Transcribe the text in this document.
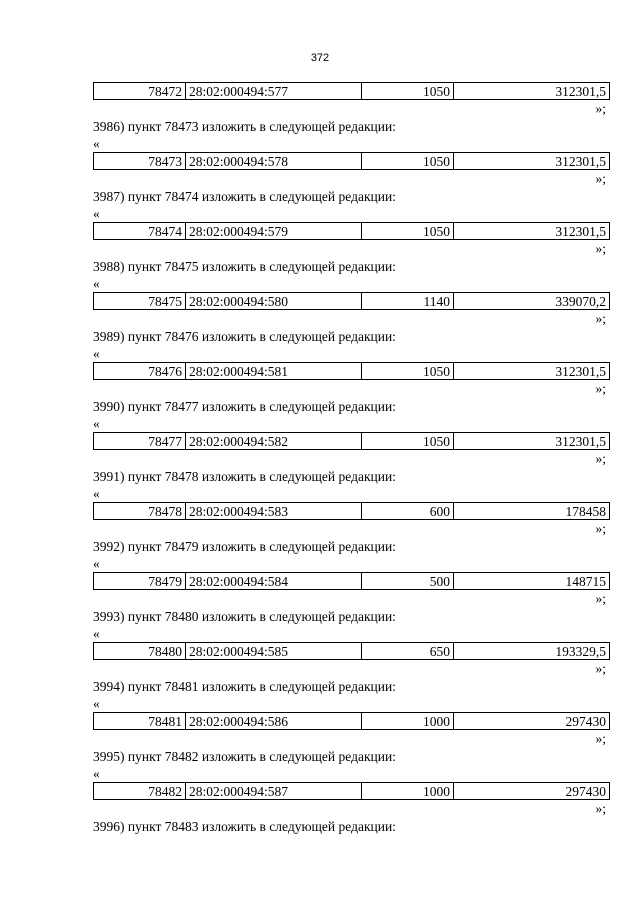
372
78472	28:02:000494:577	1050	312301,5
»;
3986) пункт 78473 изложить в следующей редакции:
«
78473	28:02:000494:578	1050	312301,5
»;
3987) пункт 78474 изложить в следующей редакции:
«
78474	28:02:000494:579	1050	312301,5
»;
3988) пункт 78475 изложить в следующей редакции:
«
78475	28:02:000494:580	1140	339070,2
»;
3989) пункт 78476 изложить в следующей редакции:
«
78476	28:02:000494:581	1050	312301,5
»;
3990) пункт 78477 изложить в следующей редакции:
«
78477	28:02:000494:582	1050	312301,5
»;
3991) пункт 78478 изложить в следующей редакции:
«
78478	28:02:000494:583	600	178458
»;
3992) пункт 78479 изложить в следующей редакции:
«
78479	28:02:000494:584	500	148715
»;
3993) пункт 78480 изложить в следующей редакции:
«
78480	28:02:000494:585	650	193329,5
»;
3994) пункт 78481 изложить в следующей редакции:
«
78481	28:02:000494:586	1000	297430
»;
3995) пункт 78482 изложить в следующей редакции:
«
78482	28:02:000494:587	1000	297430
»;
3996) пункт 78483 изложить в следующей редакции:
